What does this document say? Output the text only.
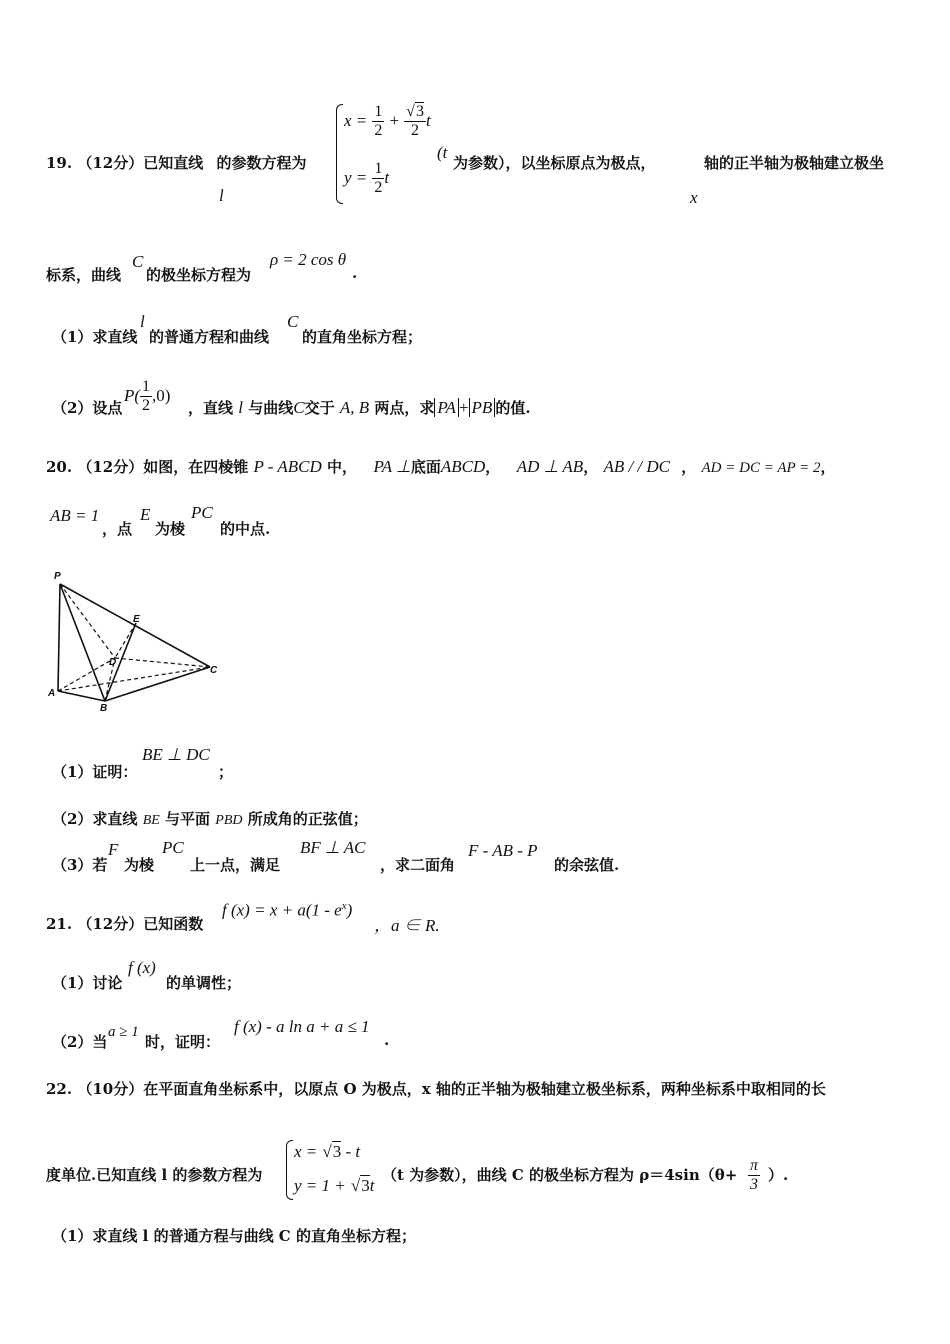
19. （12分）已知直线 的参数方程为
l
$x = \frac{1}{2} + \frac{√3}{2}$ t
$y = \frac{1}{2}$ t
(t
为参数），以坐标原点为极点，	轴的正半轴为极轴建立极坐
x
标系，曲线
C
的极坐标方程为
ρ = 2 cos θ
.
（1）求直线
l
的普通方程和曲线
C
的直角坐标方程；
（2）设点
$P( \frac{1}{2} ,0)$
，直线 l 与曲线C交于 A, B 两点，求 PA + PB 的值.
20. （12分）如图，在四棱锥 P - ABCD 中， PA ⊥底面ABCD， AD ⊥ AB， AB / / DC ， AD = DC = AP = 2，
AB = 1
，点
E
为棱
PC
的中点.
P
E
D
C
A
B
（1）证明：
BE ⊥ DC
；
（2）求直线 BE 与平面 PBD 所成角的正弦值；
（3）若
F
为棱
PC
上一点，满足
BF ⊥ AC
，求二面角
F - AB - P
的余弦值.
21. （12分）已知函数
f $(x) = x + a(1 - e^x)$
，a ∈ R.
（1）讨论
f (x)
的单调性；
（2）当
a ≥ 1
时，证明：
f (x) - a ln a + a ≤ 1
.
22. （10分）在平面直角坐标系中，以原点 O 为极点，x 轴的正半轴为极轴建立极坐标系，两种坐标系中取相同的长
度单位.已知直线 l 的参数方程为
x = √3 - t
y = 1 + √3t
（t 为参数），曲线 C 的极坐标方程为 $\rho=4\sin(\theta+ \frac{\pi}{3}$ ）.
（1）求直线 l 的普通方程与曲线 C 的直角坐标方程；
